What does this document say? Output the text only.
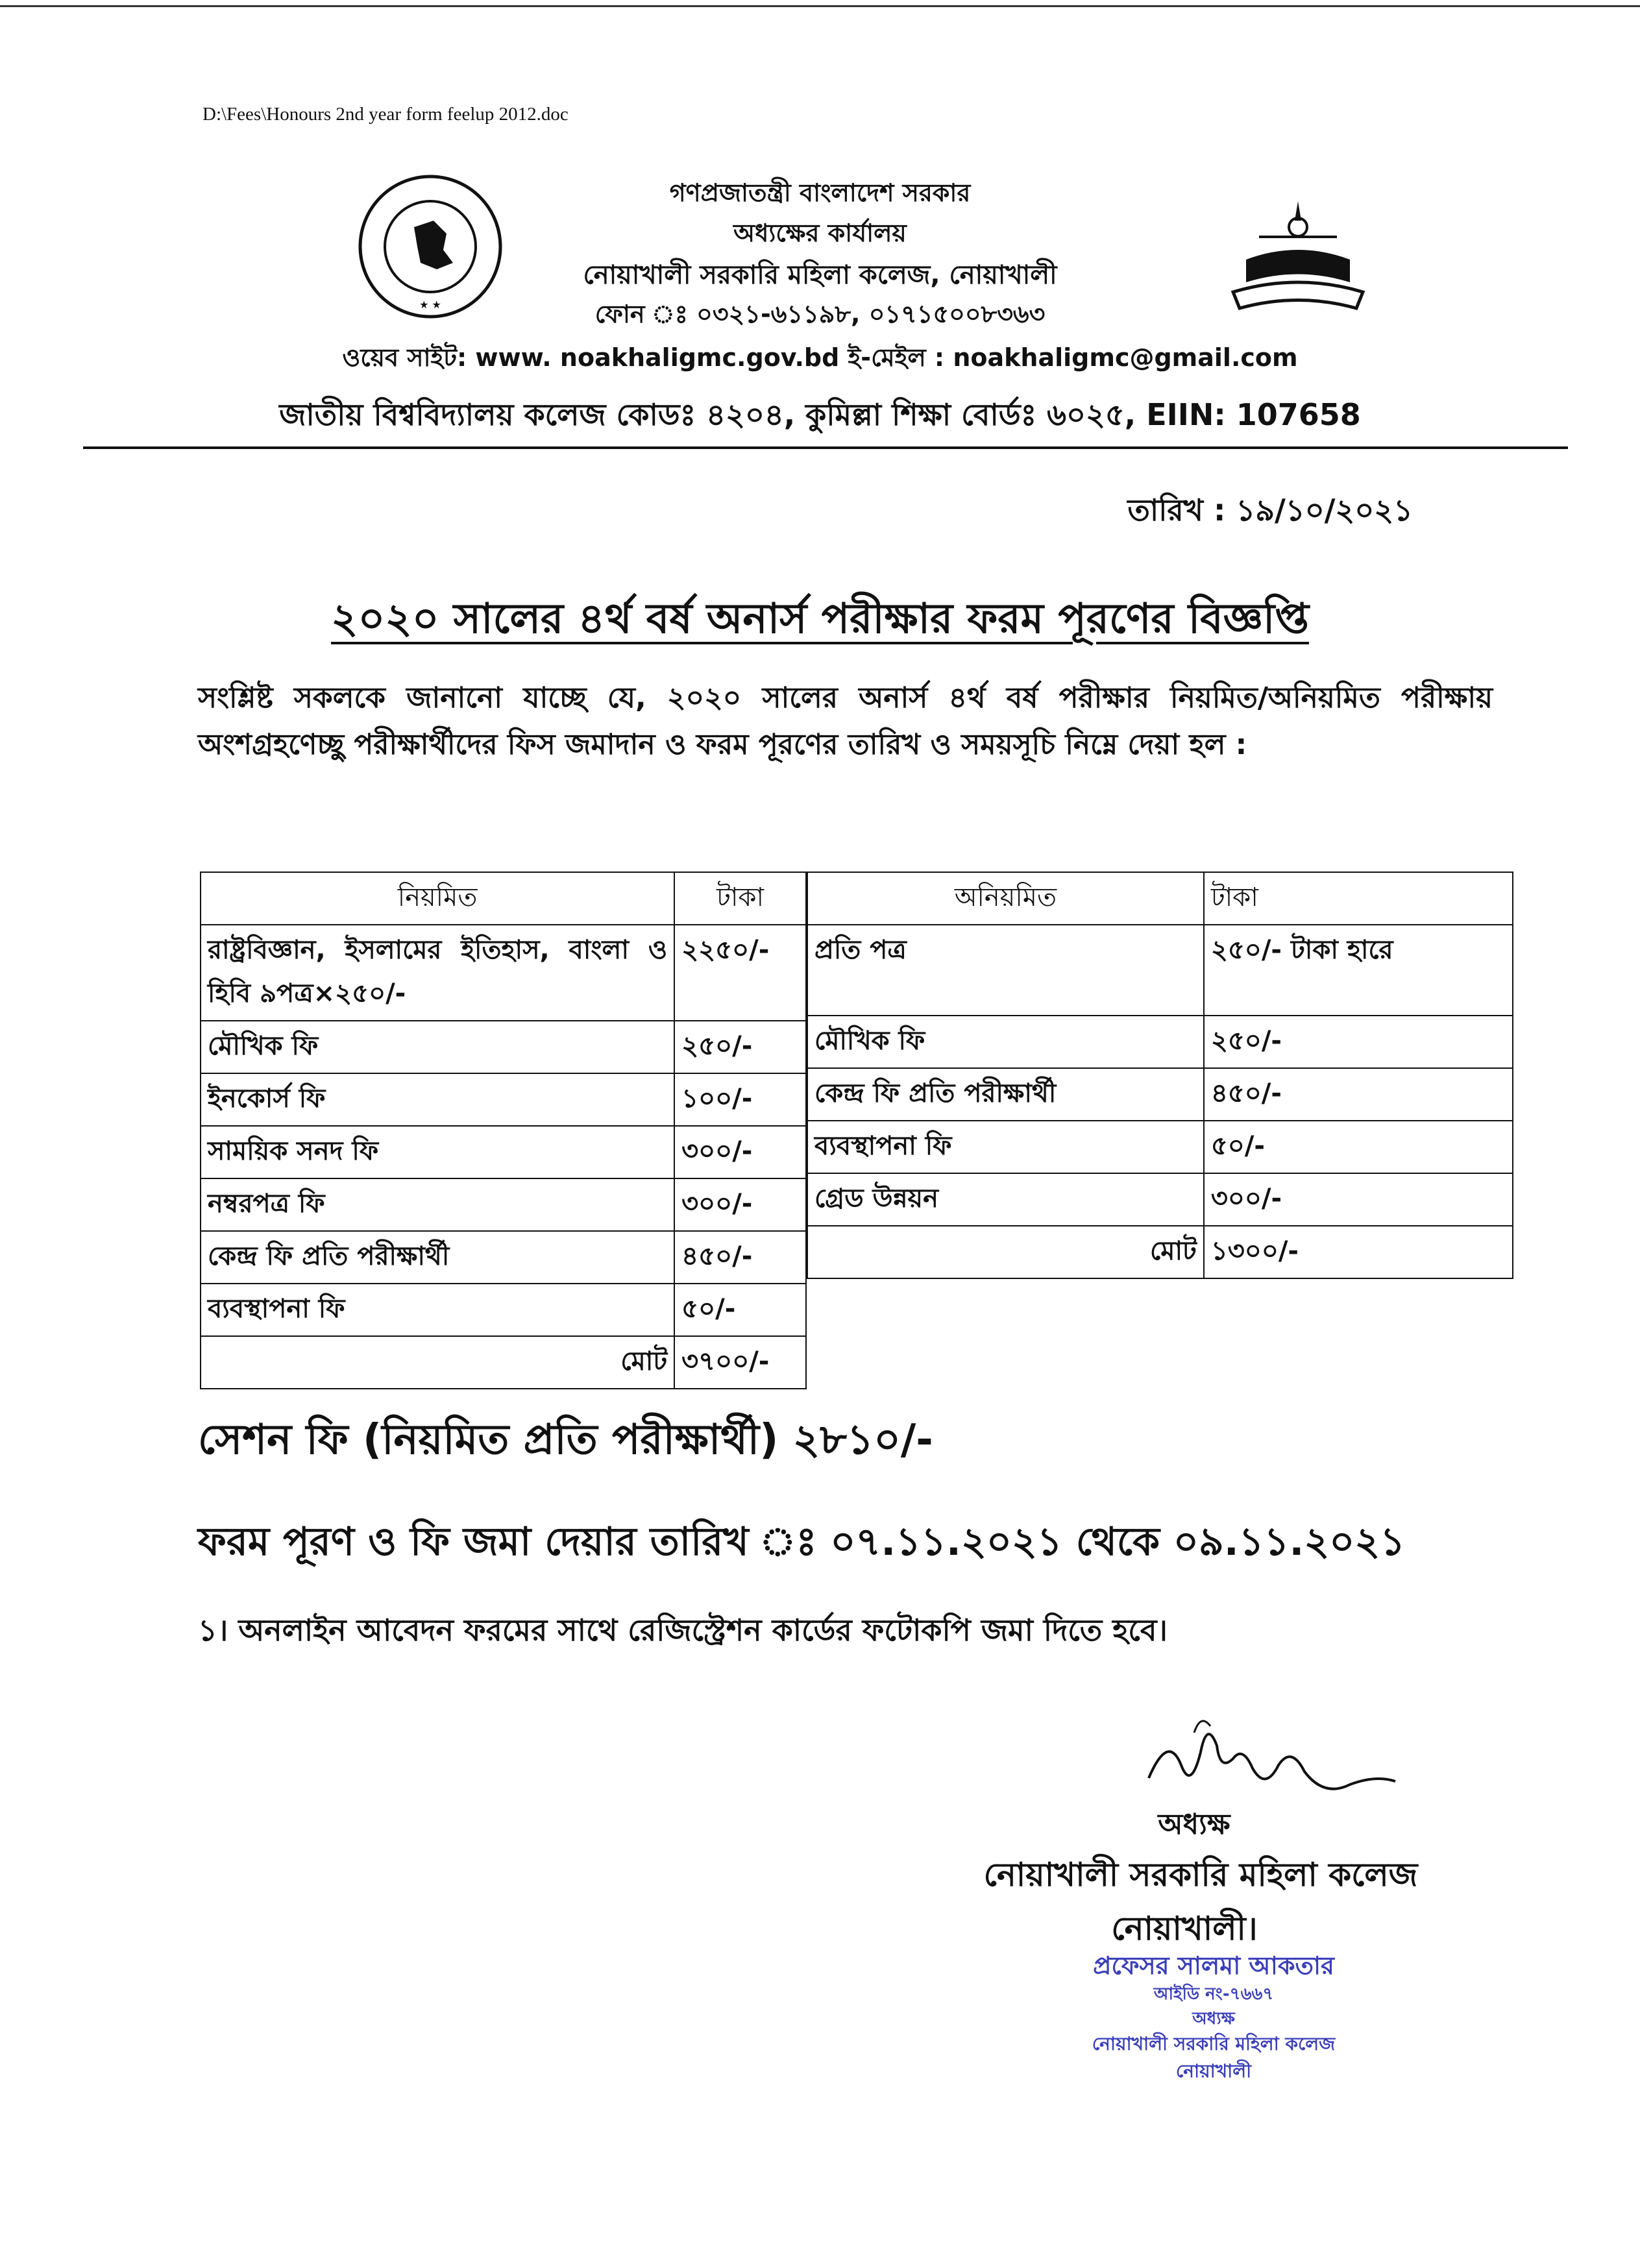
D:\Fees\Honours 2nd year form feelup 2012.doc
★ ★
গণপ্রজাতন্ত্রী বাংলাদেশ সরকার
অধ্যক্ষের কার্যালয়
নোয়াখালী সরকারি মহিলা কলেজ, নোয়াখালী
ফোন ঃ ০৩২১-৬১১৯৮, ০১৭১৫০০৮৩৬৩
ওয়েব সাইট: www. noakhaligmc.gov.bd ই-মেইল : noakhaligmc@gmail.com
জাতীয় বিশ্ববিদ্যালয় কলেজ কোডঃ ৪২০৪, কুমিল্লা শিক্ষা বোর্ডঃ ৬০২৫, EIIN: 107658
তারিখ : ১৯/১০/২০২১
২০২০ সালের ৪র্থ বর্ষ অনার্স পরীক্ষার ফরম পূরণের বিজ্ঞপ্তি
সংশ্লিষ্ট সকলকে জানানো যাচ্ছে যে, ২০২০ সালের অনার্স ৪র্থ বর্ষ পরীক্ষার নিয়মিত/অনিয়মিত পরীক্ষায় অংশগ্রহণেচ্ছু পরীক্ষার্থীদের ফিস জমাদান ও ফরম পূরণের তারিখ ও সময়সূচি নিম্নে দেয়া হল :
নিয়মিত	টাকা
রাষ্ট্রবিজ্ঞান, ইসলামের ইতিহাস, বাংলা ও হিবি ৯পত্র×২৫০/-	২২৫০/-
মৌখিক ফি	২৫০/-
ইনকোর্স ফি	১০০/-
সাময়িক সনদ ফি	৩০০/-
নম্বরপত্র ফি	৩০০/-
কেন্দ্র ফি প্রতি পরীক্ষার্থী	৪৫০/-
ব্যবস্থাপনা ফি	৫০/-
মোট	৩৭০০/-
অনিয়মিত	টাকা
প্রতি পত্র	২৫০/- টাকা হারে
মৌখিক ফি	২৫০/-
কেন্দ্র ফি প্রতি পরীক্ষার্থী	৪৫০/-
ব্যবস্থাপনা ফি	৫০/-
গ্রেড উন্নয়ন	৩০০/-
মোট	১৩০০/-
সেশন ফি (নিয়মিত প্রতি পরীক্ষার্থী) ২৮১০/-
ফরম পূরণ ও ফি জমা দেয়ার তারিখ ঃ ০৭.১১.২০২১ থেকে ০৯.১১.২০২১
১। অনলাইন আবেদন ফরমের সাথে রেজিস্ট্রেশন কার্ডের ফটোকপি জমা দিতে হবে।
অধ্যক্ষ
নোয়াখালী সরকারি মহিলা কলেজ
নোয়াখালী।
প্রফেসর সালমা আকতার
আইডি নং-৭৬৬৭
অধ্যক্ষ
নোয়াখালী সরকারি মহিলা কলেজ
নোয়াখালী
